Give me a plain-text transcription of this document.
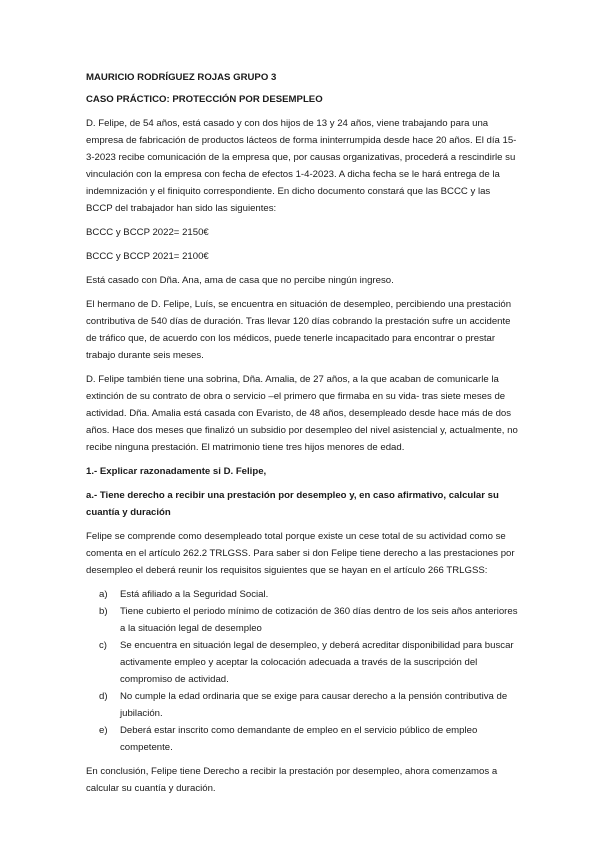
MAURICIO RODRÍGUEZ ROJAS GRUPO 3
CASO PRÁCTICO: PROTECCIÓN POR DESEMPLEO

D. Felipe, de 54 años, está casado y con dos hijos de 13 y 24 años, viene trabajando para una empresa de fabricación de productos lácteos de forma ininterrumpida desde hace 20 años. El día 15-3-2023 recibe comunicación de la empresa que, por causas organizativas, procederá a rescindirle su vinculación con la empresa con fecha de efectos 1-4-2023. A dicha fecha se le hará entrega de la indemnización y el finiquito correspondiente. En dicho documento constará que las BCCC y las BCCP del trabajador han sido las siguientes:

BCCC y BCCP 2022= 2150€

BCCC y BCCP 2021= 2100€

Está casado con Dña. Ana, ama de casa que no percibe ningún ingreso.

El hermano de D. Felipe, Luís, se encuentra en situación de desempleo, percibiendo una prestación contributiva de 540 días de duración. Tras llevar 120 días cobrando la prestación sufre un accidente de tráfico que, de acuerdo con los médicos, puede tenerle incapacitado para encontrar o prestar trabajo durante seis meses.

D. Felipe también tiene una sobrina, Dña. Amalia, de 27 años, a la que acaban de comunicarle la extinción de su contrato de obra o servicio –el primero que firmaba en su vida- tras siete meses de actividad. Dña. Amalia está casada con Evaristo, de 48 años, desempleado desde hace más de dos años. Hace dos meses que finalizó un subsidio por desempleo del nivel asistencial y, actualmente, no recibe ninguna prestación. El matrimonio tiene tres hijos menores de edad.

1.- Explicar razonadamente si D. Felipe,

a.- Tiene derecho a recibir una prestación por desempleo y, en caso afirmativo, calcular su cuantía y duración

Felipe se comprende como desempleado total porque existe un cese total de su actividad como se comenta en el artículo 262.2 TRLGSS. Para saber si don Felipe tiene derecho a las prestaciones por desempleo el deberá reunir los requisitos siguientes que se hayan en el artículo 266 TRLGSS:

a) Está afiliado a la Seguridad Social.
b) Tiene cubierto el periodo mínimo de cotización de 360 días dentro de los seis años anteriores a la situación legal de desempleo
c) Se encuentra en situación legal de desempleo, y deberá acreditar disponibilidad para buscar activamente empleo y aceptar la colocación adecuada a través de la suscripción del compromiso de actividad.
d) No cumple la edad ordinaria que se exige para causar derecho a la pensión contributiva de jubilación.
e) Deberá estar inscrito como demandante de empleo en el servicio público de empleo competente.

En conclusión, Felipe tiene Derecho a recibir la prestación por desempleo, ahora comenzamos a calcular su cuantía y duración.
